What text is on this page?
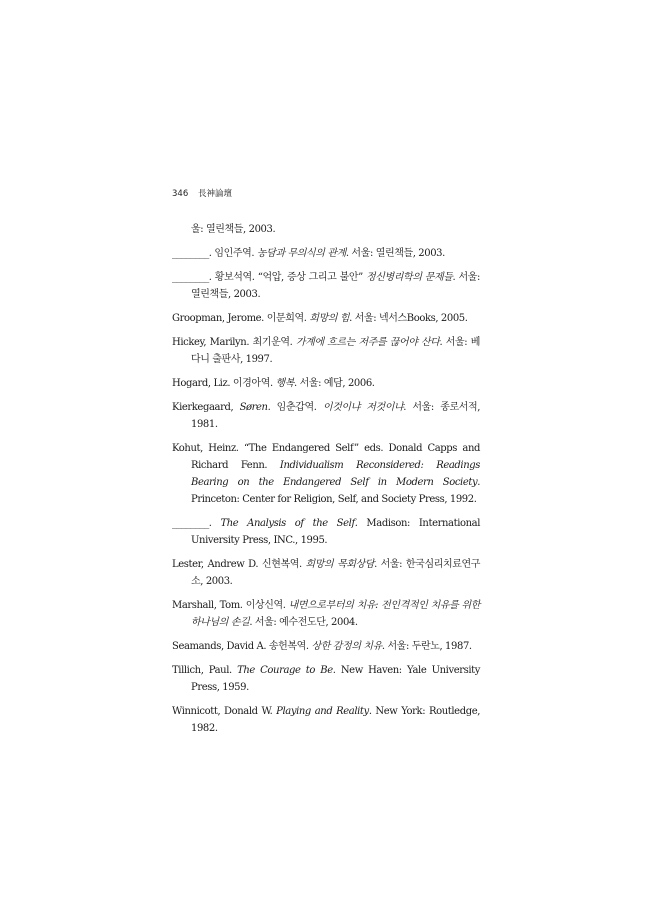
346 長神論壇

울: 열린책들, 2003.

________. 임인주역. 농담과 무의식의 관계. 서울: 열린책들, 2003.

________. 황보석역. “억압, 증상 그리고 불안” 정신병리학의 문제들. 서울: 열린책들, 2003.

Groopman, Jerome. 이문희역. 희망의 힘. 서울: 넥서스Books, 2005.

Hickey, Marilyn. 최기운역. 가계에 흐르는 저주를 끊어야 산다. 서울: 베다니 출판사, 1997.

Hogard, Liz. 이경아역. 행복. 서울: 예담, 2006.

Kierkegaard, Søren. 임춘갑역. 이것이냐 저것이냐. 서울: 종로서적, 1981.

Kohut, Heinz. “The Endangered Self” eds. Donald Capps and Richard Fenn. Individualism Reconsidered: Readings Bearing on the Endangered Self in Modern Society. Princeton: Center for Religion, Self, and Society Press, 1992.

________. The Analysis of the Self. Madison: International University Press, INC., 1995.

Lester, Andrew D. 신현복역. 희망의 목회상담. 서울: 한국심리치료연구소, 2003.

Marshall, Tom. 이상신역. 내면으로부터의 치유: 전인격적인 치유를 위한 하나님의 손길. 서울: 예수전도단, 2004.

Seamands, David A. 송헌복역. 상한 감정의 치유. 서울: 두란노, 1987.

Tillich, Paul. The Courage to Be. New Haven: Yale University Press, 1959.

Winnicott, Donald W. Playing and Reality. New York: Routledge, 1982.
